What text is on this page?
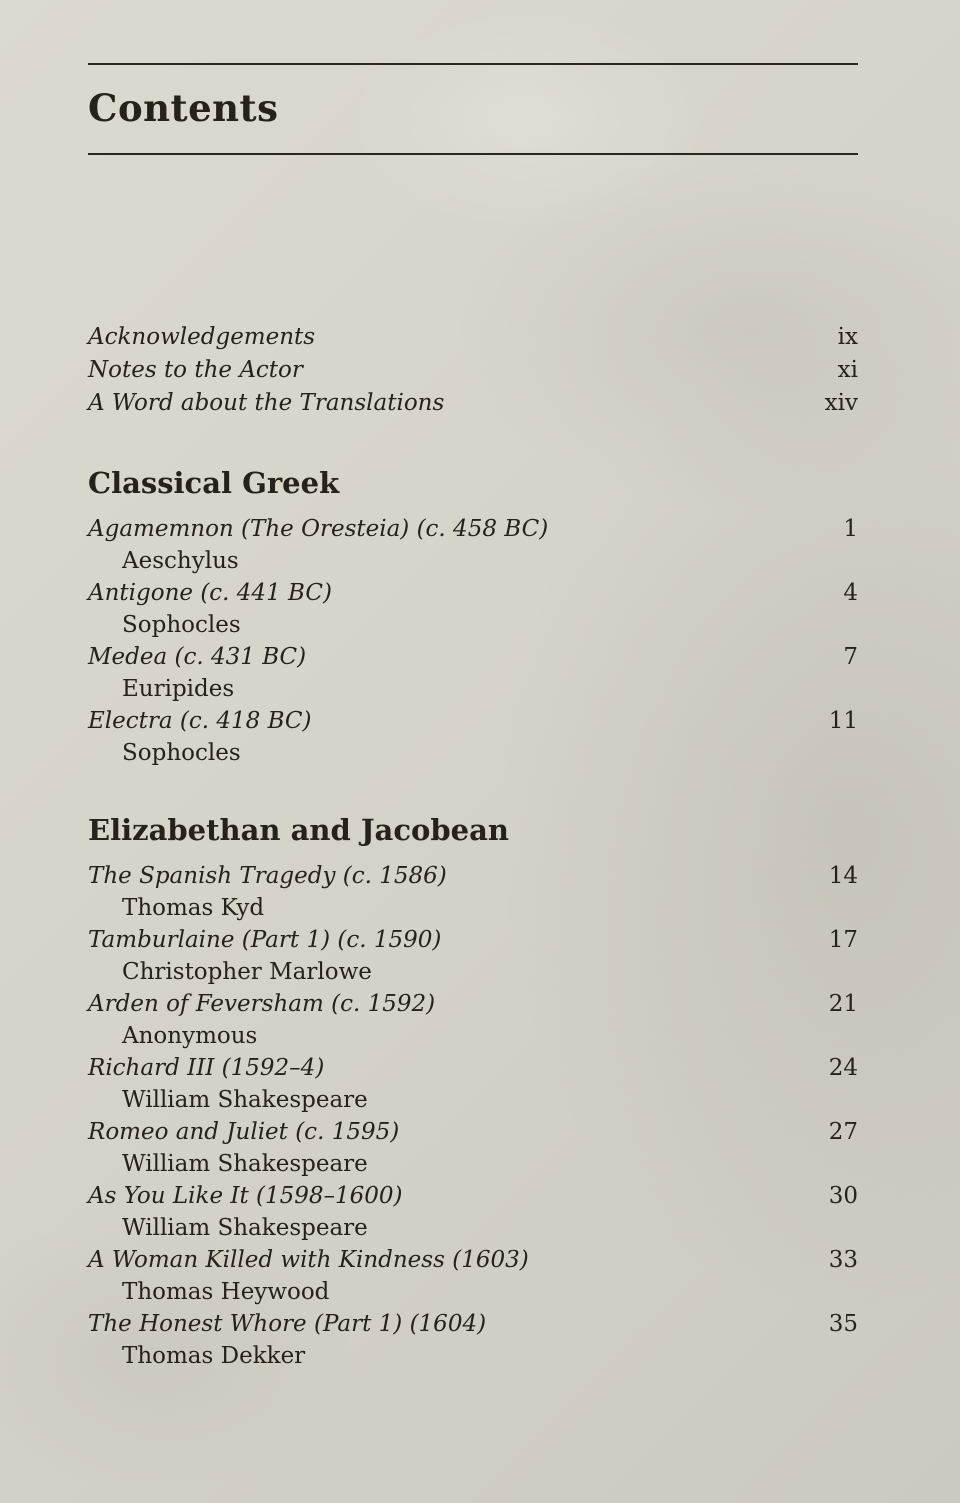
Contents
Acknowledgements	ix
Notes to the Actor	xi
A Word about the Translations	xiv
Classical Greek
Agamemnon (The Oresteia) (c. 458 BC)	1
Aeschylus
Antigone (c. 441 BC)	4
Sophocles
Medea (c. 431 BC)	7
Euripides
Electra (c. 418 BC)	11
Sophocles
Elizabethan and Jacobean
The Spanish Tragedy (c. 1586)	14
Thomas Kyd
Tamburlaine (Part 1) (c. 1590)	17
Christopher Marlowe
Arden of Feversham (c. 1592)	21
Anonymous
Richard III (1592–4)	24
William Shakespeare
Romeo and Juliet (c. 1595)	27
William Shakespeare
As You Like It (1598–1600)	30
William Shakespeare
A Woman Killed with Kindness (1603)	33
Thomas Heywood
The Honest Whore (Part 1) (1604)	35
Thomas Dekker
